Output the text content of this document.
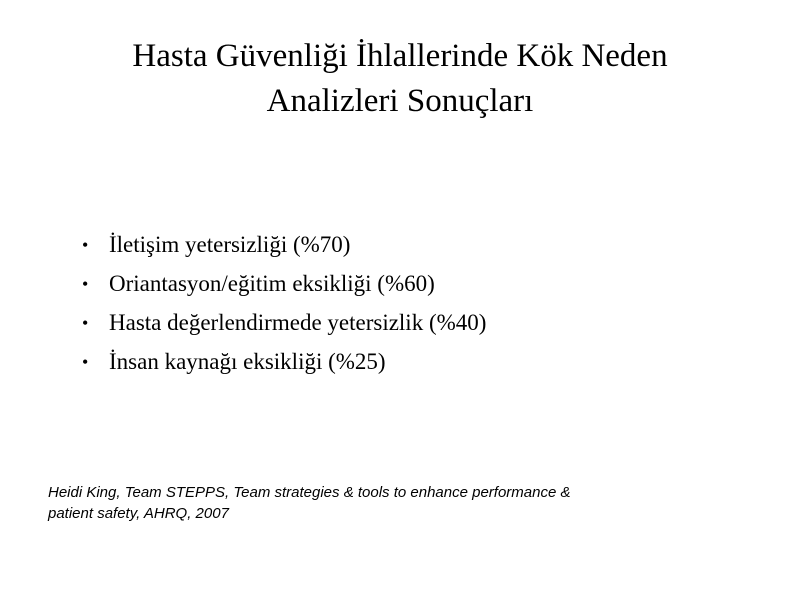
Hasta Güvenliği İhlallerinde Kök Neden
Analizleri Sonuçları
• İletişim yetersizliği (%70)
• Oriantasyon/eğitim eksikliği (%60)
• Hasta değerlendirmede yetersizlik (%40)
• İnsan kaynağı eksikliği (%25)

Heidi King, Team STEPPS, Team strategies & tools to enhance performance &
patient safety, AHRQ, 2007
